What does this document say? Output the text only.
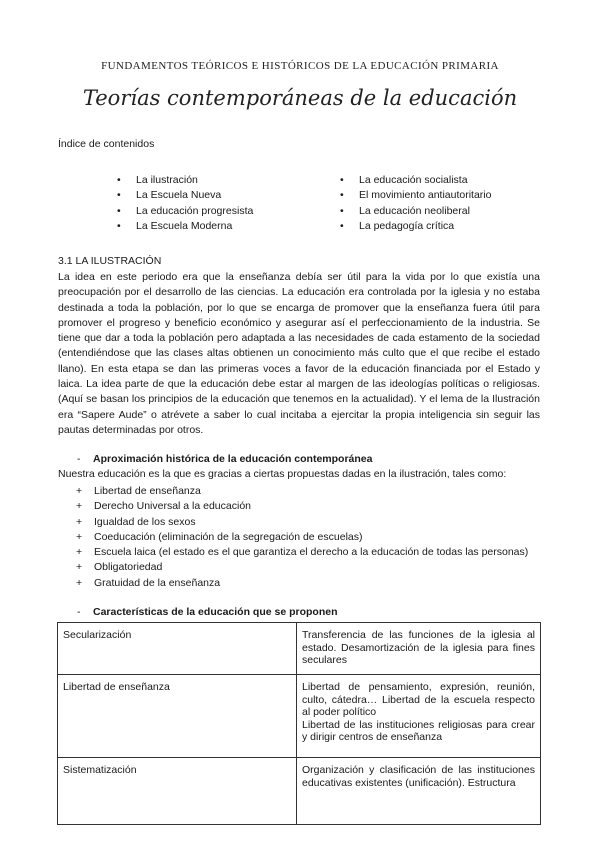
FUNDAMENTOS TEÓRICOS E HISTÓRICOS DE LA EDUCACIÓN PRIMARIA
Teorías contemporáneas de la educación
Índice de contenidos
• La ilustración
• La Escuela Nueva
• La educación progresista
• La Escuela Moderna
• La educación socialista
• El movimiento antiautoritario
• La educación neoliberal
• La pedagogía crítica
3.1 LA ILUSTRACIÓN

La idea en este periodo era que la enseñanza debía ser útil para la vida por lo que existía una preocupación por el desarrollo de las ciencias. La educación era controlada por la iglesia y no estaba destinada a toda la población, por lo que se encarga de promover que la enseñanza fuera útil para promover el progreso y beneficio económico y asegurar así el perfeccionamiento de la industria. Se tiene que dar a toda la población pero adaptada a las necesidades de cada estamento de la sociedad (entendiéndose que las clases altas obtienen un conocimiento más culto que el que recibe el estado llano). En esta etapa se dan las primeras voces a favor de la educación financiada por el Estado y laica. La idea parte de que la educación debe estar al margen de las ideologías políticas o religiosas. (Aquí se basan los principios de la educación que tenemos en la actualidad). Y el lema de la Ilustración era “Sapere Aude” o atrévete a saber lo cual incitaba a ejercitar la propia inteligencia sin seguir las pautas determinadas por otros.

- Aproximación histórica de la educación contemporánea
Nuestra educación es la que es gracias a ciertas propuestas dadas en la ilustración, tales como:
+ Libertad de enseñanza
+ Derecho Universal a la educación
+ Igualdad de los sexos
+ Coeducación (eliminación de la segregación de escuelas)
+ Escuela laica (el estado es el que garantiza el derecho a la educación de todas las personas)
+ Obligatoriedad
+ Gratuidad de la enseñanza
- Características de la educación que se proponen
Secularización	Transferencia de las funciones de la iglesia al estado. Desamortización de la iglesia para fines seculares
Libertad de enseñanza	Libertad de pensamiento, expresión, reunión, culto, cátedra… Libertad de la escuela respecto al poder político
Libertad de las instituciones religiosas para crear y dirigir centros de enseñanza
Sistematización	Organización y clasificación de las instituciones educativas existentes (unificación). Estructura
